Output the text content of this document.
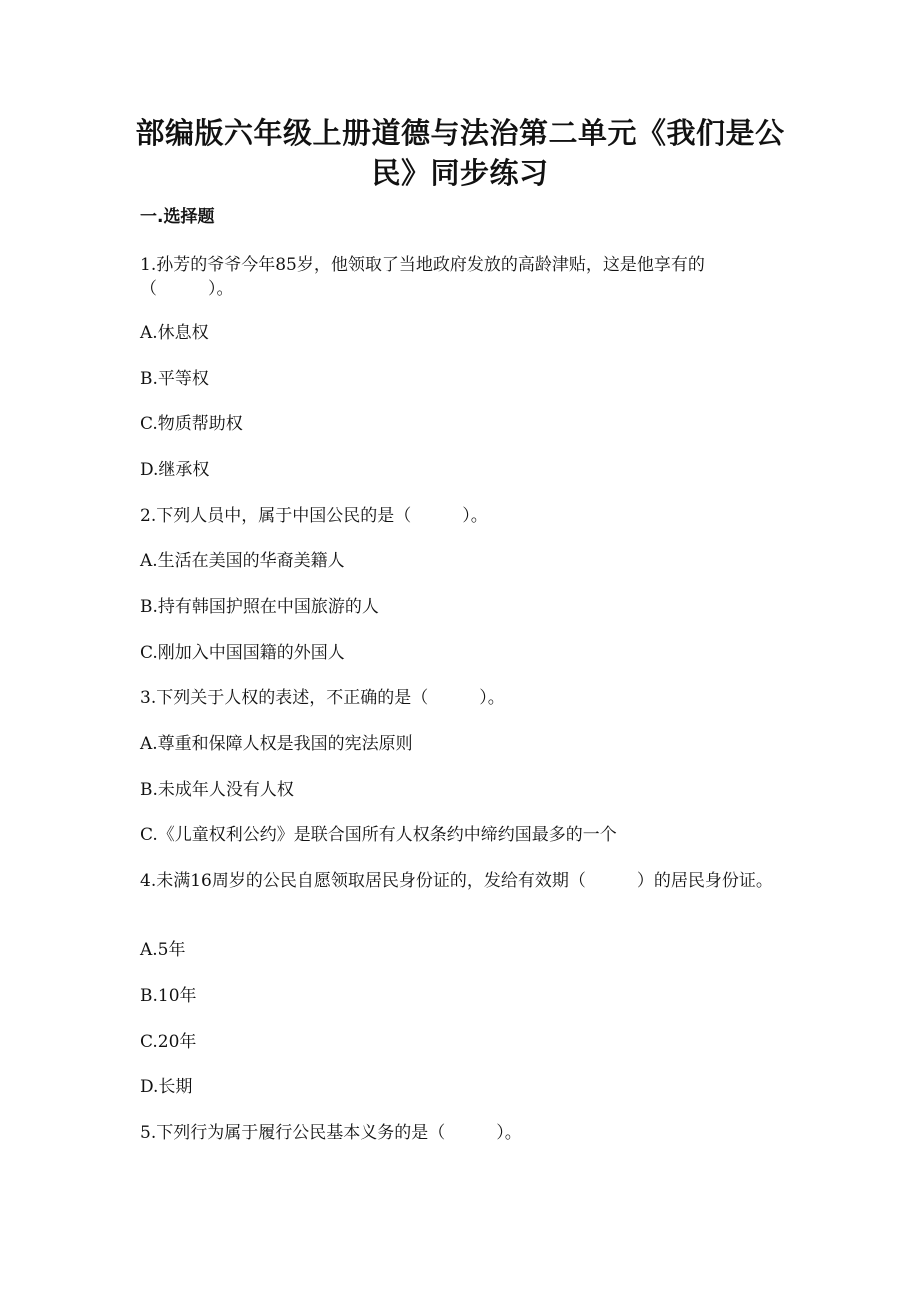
部编版六年级上册道德与法治第二单元《我们是公
民》同步练习

一.选择题

1.孙芳的爷爷今年85岁，他领取了当地政府发放的高龄津贴，这是他享有的（　　　）。

A.休息权

B.平等权

C.物质帮助权

D.继承权

2.下列人员中，属于中国公民的是（　　　）。

A.生活在美国的华裔美籍人

B.持有韩国护照在中国旅游的人

C.刚加入中国国籍的外国人

3.下列关于人权的表述，不正确的是（　　　）。

A.尊重和保障人权是我国的宪法原则

B.未成年人没有人权

C.《儿童权利公约》是联合国所有人权条约中缔约国最多的一个

4.未满16周岁的公民自愿领取居民身份证的，发给有效期（　　　）的居民身份证。

A.5年

B.10年

C.20年

D.长期

5.下列行为属于履行公民基本义务的是（　　　）。
